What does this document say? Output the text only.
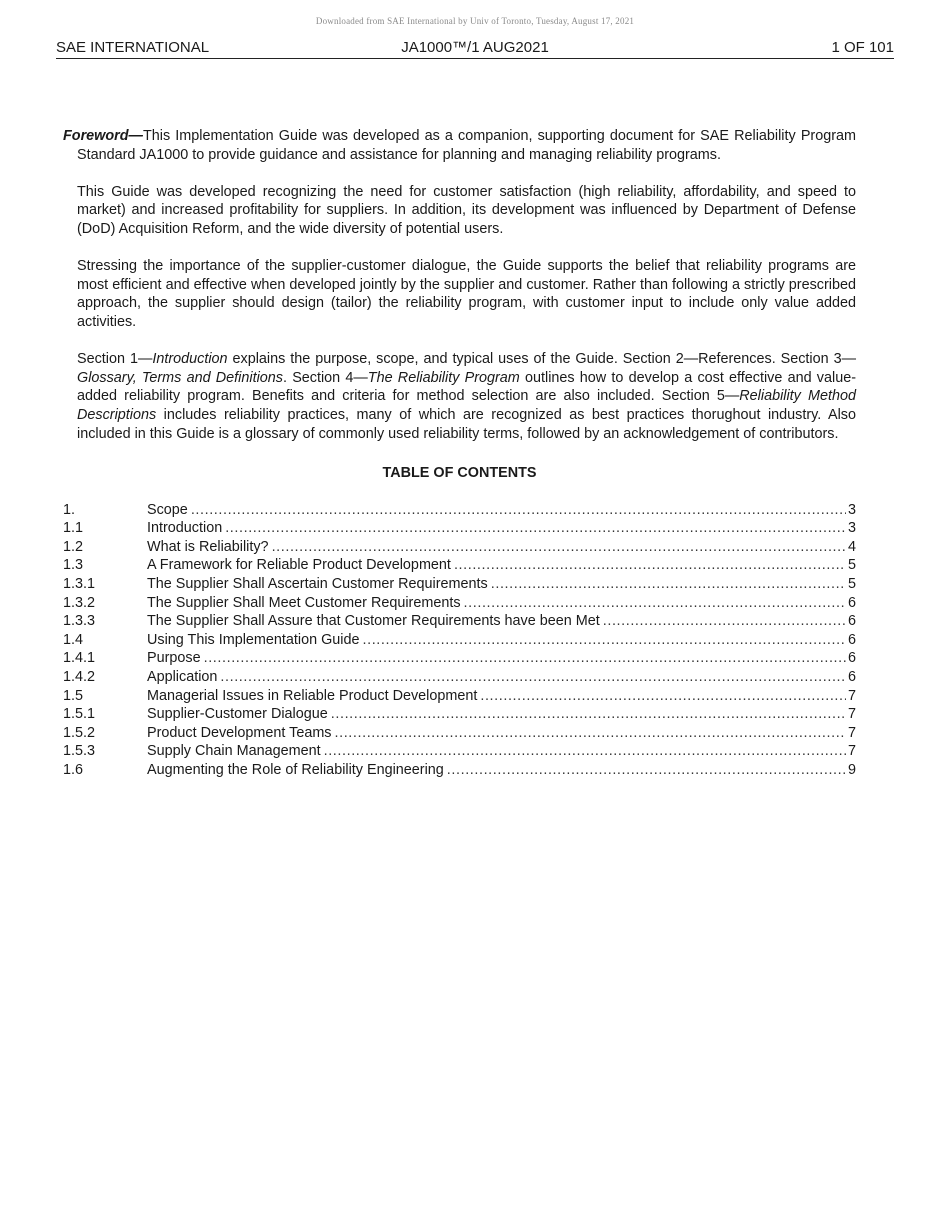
Downloaded from SAE International by Univ of Toronto, Tuesday, August 17, 2021
JA1000™/1 AUG2021
SAE INTERNATIONAL	1 OF 101

Foreword—This Implementation Guide was developed as a companion, supporting document for SAE Reliability Program Standard JA1000 to provide guidance and assistance for planning and managing reliability programs.

This Guide was developed recognizing the need for customer satisfaction (high reliability, affordability, and speed to market) and increased profitability for suppliers. In addition, its development was influenced by Department of Defense (DoD) Acquisition Reform, and the wide diversity of potential users.

Stressing the importance of the supplier-customer dialogue, the Guide supports the belief that reliability programs are most efficient and effective when developed jointly by the supplier and customer. Rather than following a strictly prescribed approach, the supplier should design (tailor) the reliability program, with customer input to include only value added activities.

Section 1—Introduction explains the purpose, scope, and typical uses of the Guide. Section 2—References. Section 3—Glossary, Terms and Definitions. Section 4—The Reliability Program outlines how to develop a cost effective and value-added reliability program. Benefits and criteria for method selection are also included. Section 5—Reliability Method Descriptions includes reliability practices, many of which are recognized as best practices thorughout industry. Also included in this Guide is a glossary of commonly used reliability terms, followed by an acknowledgement of contributors.

TABLE OF CONTENTS
1.	Scope .....	3
1.1	Introduction .....	3
1.2	What is Reliability? .....	4
1.3	A Framework for Reliable Product Development .....	5
1.3.1	The Supplier Shall Ascertain Customer Requirements .....	5
1.3.2	The Supplier Shall Meet Customer Requirements .....	6
1.3.3	The Supplier Shall Assure that Customer Requirements have been Met .....	6
1.4	Using This Implementation Guide .....	6
1.4.1	Purpose .....	6
1.4.2	Application .....	6
1.5	Managerial Issues in Reliable Product Development .....	7
1.5.1	Supplier-Customer Dialogue .....	7
1.5.2	Product Development Teams .....	7
1.5.3	Supply Chain Management .....	7
1.6	Augmenting the Role of Reliability Engineering .....	9
